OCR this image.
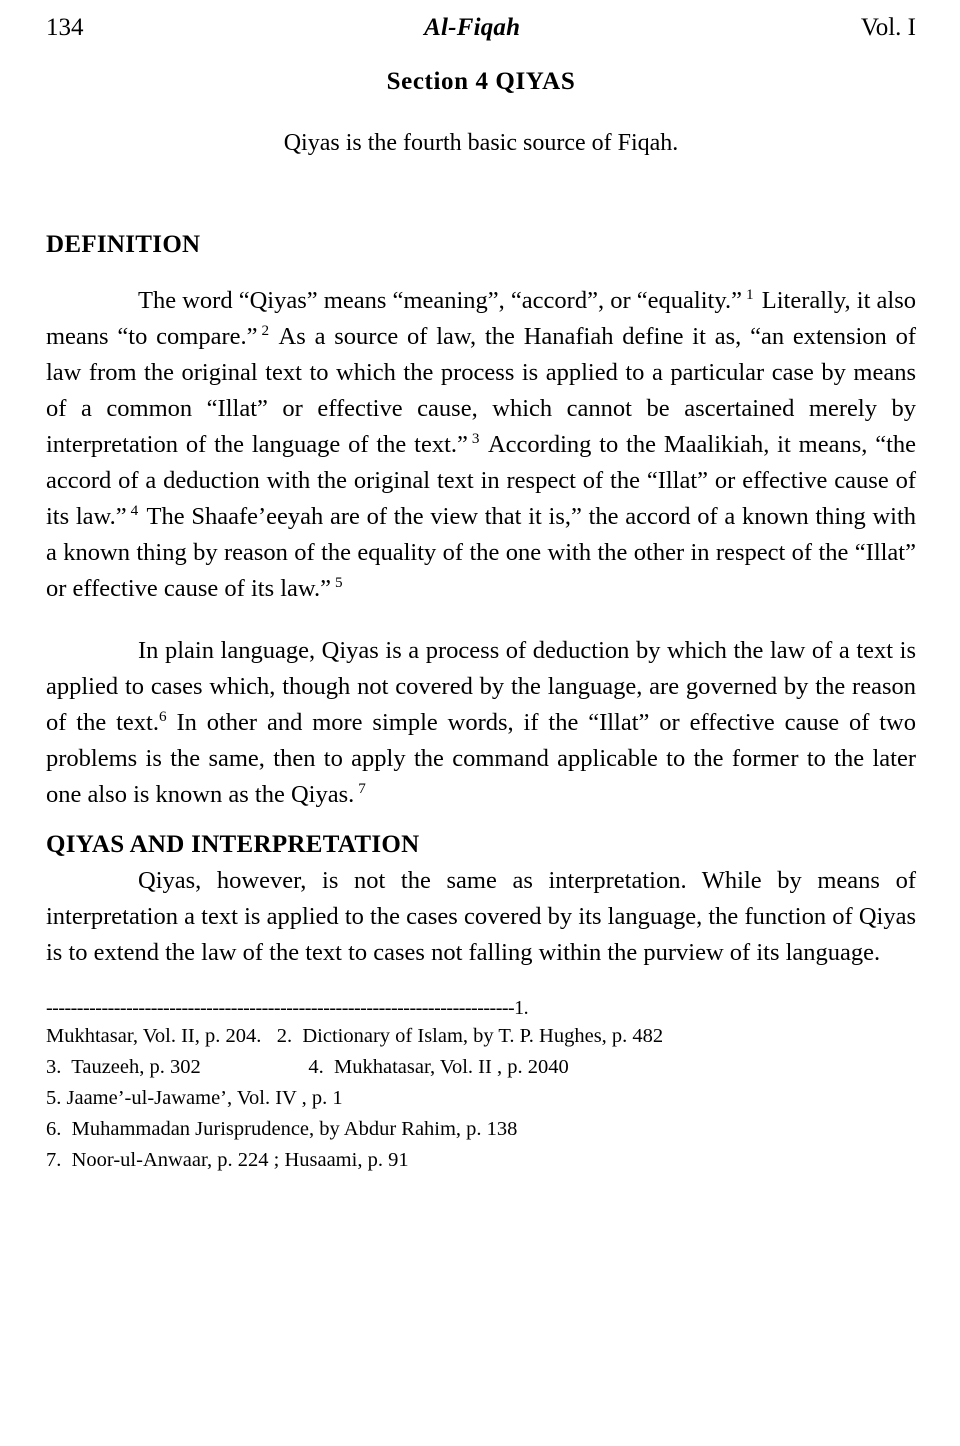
134	Al-Fiqah	Vol. I
Section 4 QIYAS
Qiyas is the fourth basic source of Fiqah.
DEFINITION

The word “Qiyas” means “meaning”, “accord”, or “equality.” $^1$ Literally, it also means “to compare.” $^2$ As a source of law, the Hanafiah define it as, “an extension of law from the original text to which the process is applied to a particular case by means of a common “Illat” or effective cause, which cannot be ascertained merely by interpretation of the language of the text.” $^3$ According to the Maalikiah, it means, “the accord of a deduction with the original text in respect of the “Illat” or effective cause of its law.” $^4$ The Shaafe’eeyah are of the view that it is,” the accord of a known thing with a known thing by reason of the equality of the one with the other in respect of the “Illat” or effective cause of its law.” $^5$

In plain language, Qiyas is a process of deduction by which the law of a text is applied to cases which, though not covered by the language, are governed by the reason of the text.$^6$ In other and more simple words, if the “Illat” or effective cause of two problems is the same, then to apply the command applicable to the former to the later one also is known as the Qiyas. $^7$

QIYAS AND INTERPRETATION

Qiyas, however, is not the same as interpretation. While by means of interpretation a text is applied to the cases covered by its language, the function of Qiyas is to extend the law of the text to cases not falling within the purview of its language.

----------------------------------------------------------------------------1.
Mukhtasar, Vol. II, p. 204.   2.  Dictionary of Islam, by T. P. Hughes, p. 482
3.  Tauzeeh, p. 302                     4.  Mukhatasar, Vol. II , p. 2040
5. Jaame’-ul-Jawame’, Vol. IV , p. 1
6.  Muhammadan Jurisprudence, by Abdur Rahim, p. 138
7.  Noor-ul-Anwaar, p. 224 ; Husaami, p. 91
